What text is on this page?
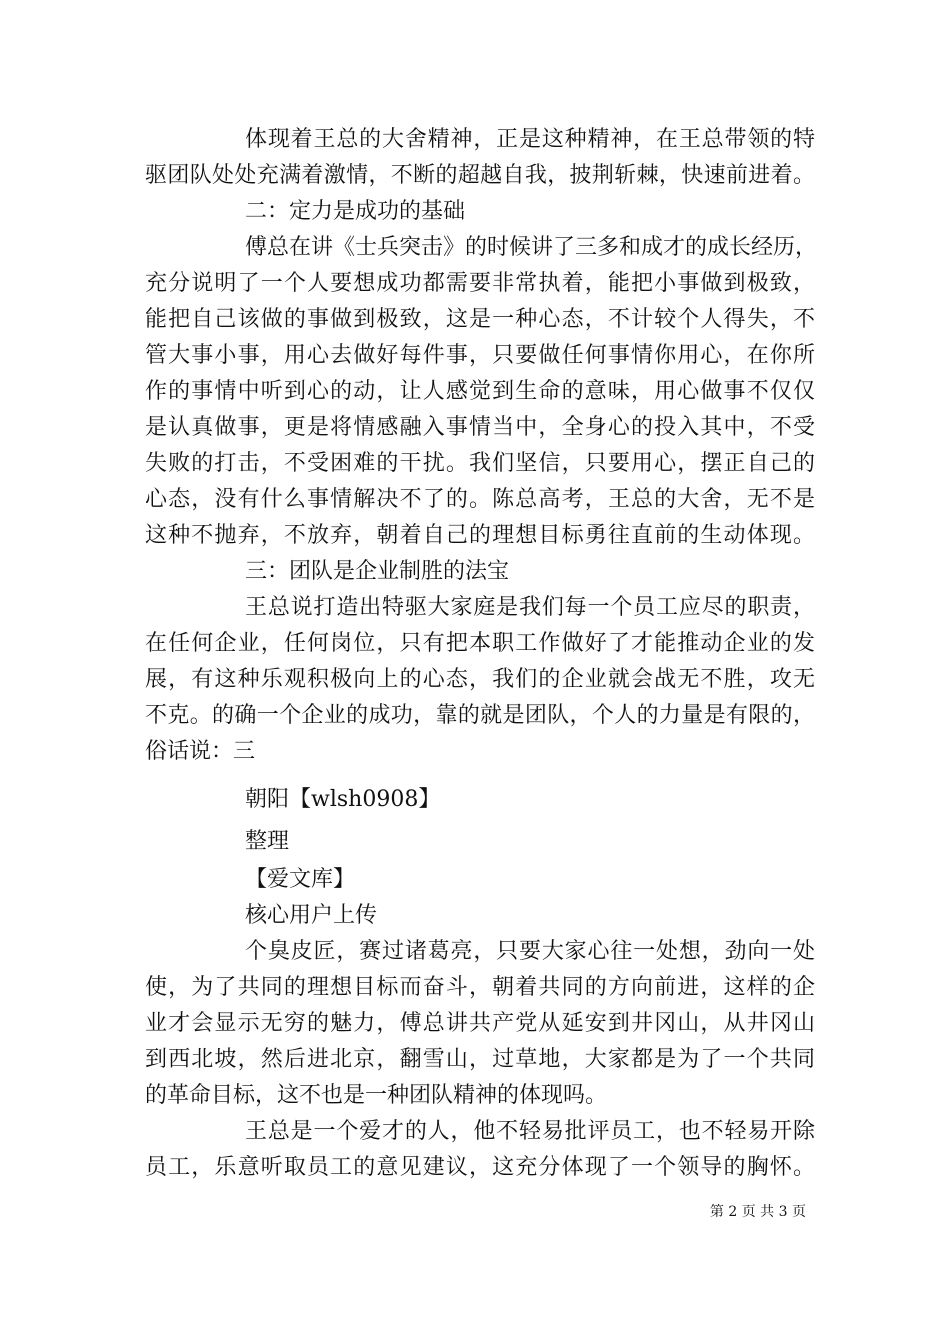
体现着王总的大舍精神，正是这种精神，在王总带领的特
驱团队处处充满着激情，不断的超越自我，披荆斩棘，快速前进着。
二：定力是成功的基础
傅总在讲《士兵突击》的时候讲了三多和成才的成长经历，
充分说明了一个人要想成功都需要非常执着，能把小事做到极致，
能把自己该做的事做到极致，这是一种心态，不计较个人得失，不
管大事小事，用心去做好每件事，只要做任何事情你用心，在你所
作的事情中听到心的动，让人感觉到生命的意味，用心做事不仅仅
是认真做事，更是将情感融入事情当中，全身心的投入其中，不受
失败的打击，不受困难的干扰。我们坚信，只要用心，摆正自己的
心态，没有什么事情解决不了的。陈总高考，王总的大舍，无不是
这种不抛弃，不放弃，朝着自己的理想目标勇往直前的生动体现。
三：团队是企业制胜的法宝
王总说打造出特驱大家庭是我们每一个员工应尽的职责，
在任何企业，任何岗位，只有把本职工作做好了才能推动企业的发
展，有这种乐观积极向上的心态，我们的企业就会战无不胜，攻无
不克。的确一个企业的成功，靠的就是团队，个人的力量是有限的，
俗话说：三
朝阳【wlsh0908】
整理
【爱文库】
核心用户上传
个臭皮匠，赛过诸葛亮，只要大家心往一处想，劲向一处
使，为了共同的理想目标而奋斗，朝着共同的方向前进，这样的企
业才会显示无穷的魅力，傅总讲共产党从延安到井冈山，从井冈山
到西北坡，然后进北京，翻雪山，过草地，大家都是为了一个共同
的革命目标，这不也是一种团队精神的体现吗。
王总是一个爱才的人，他不轻易批评员工，也不轻易开除
员工，乐意听取员工的意见建议，这充分体现了一个领导的胸怀。
第 2 页 共 3 页
